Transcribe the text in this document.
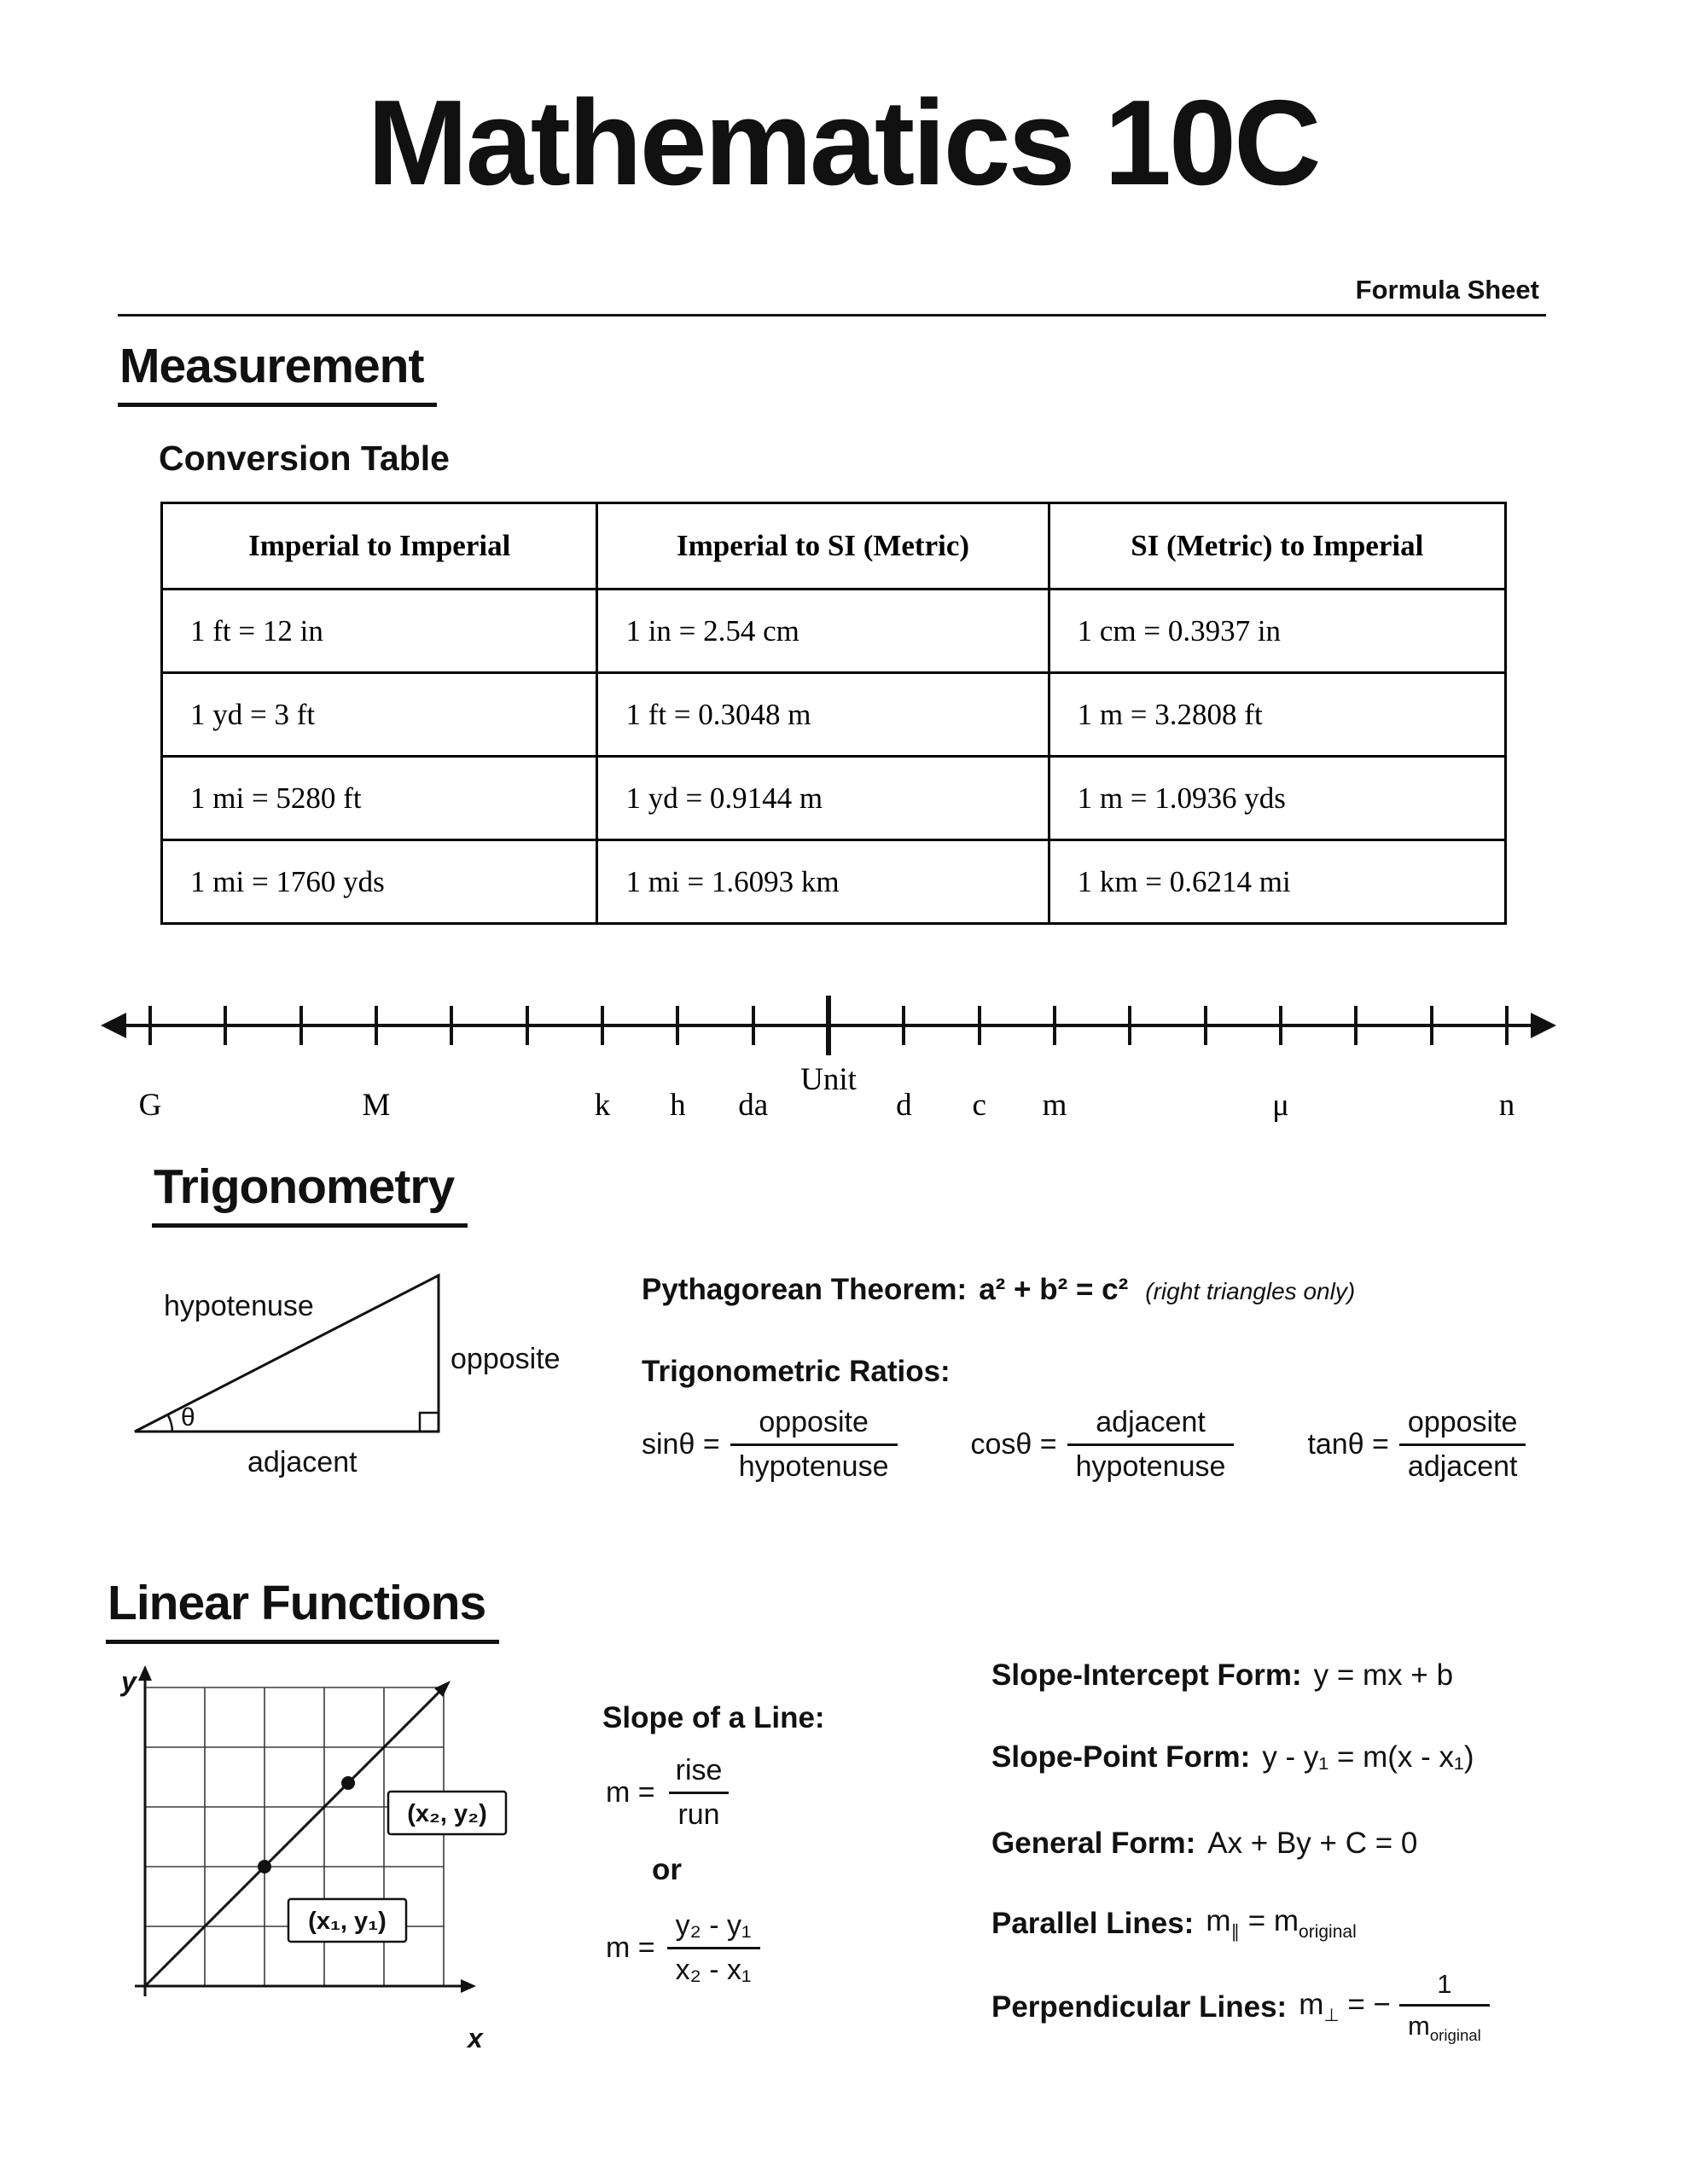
Mathematics 10C
Formula Sheet
Measurement
Conversion Table
Imperial to Imperial	Imperial to SI (Metric)	SI (Metric) to Imperial
1 ft = 12 in	1 in = 2.54 cm	1 cm = 0.3937 in
1 yd = 3 ft	1 ft = 0.3048 m	1 m = 3.2808 ft
1 mi = 5280 ft	1 yd = 0.9144 m	1 m = 1.0936 yds
1 mi = 1760 yds	1 mi = 1.6093 km	1 km = 0.6214 mi
G	M	k h da
Unit
d c m	μ	n
Trigonometry
θ
hypotenuse
opposite
adjacent
Pythagorean Theorem: a² + b² = c² (right triangles only)
Trigonometric Ratios:
$\sin\theta = \frac{\text{opposite}}{\text{hypotenuse}}$	$\cos\theta = \frac{\text{adjacent}}{\text{hypotenuse}}$	$\tan\theta = \frac{\text{opposite}}{\text{adjacent}}$
Linear Functions
(x₂, y₂)
(x₁, y₁)
y
x
Slope of a Line:
$m = \frac{\text{rise}}{\text{run}}$
or
$m = \frac{\text{y₂ - y₁}}{\text{x₂ - x₁}}$
Slope-Intercept Form: y = mx + b
Slope-Point Form: y - y₁ = m(x - x₁)
General Form: Ax + By + C = 0
Parallel Lines: $m_\parallel = m_{original}$
Perpendicular Lines: $m_\perp$ = − $\frac{1}{m_{original}}$
